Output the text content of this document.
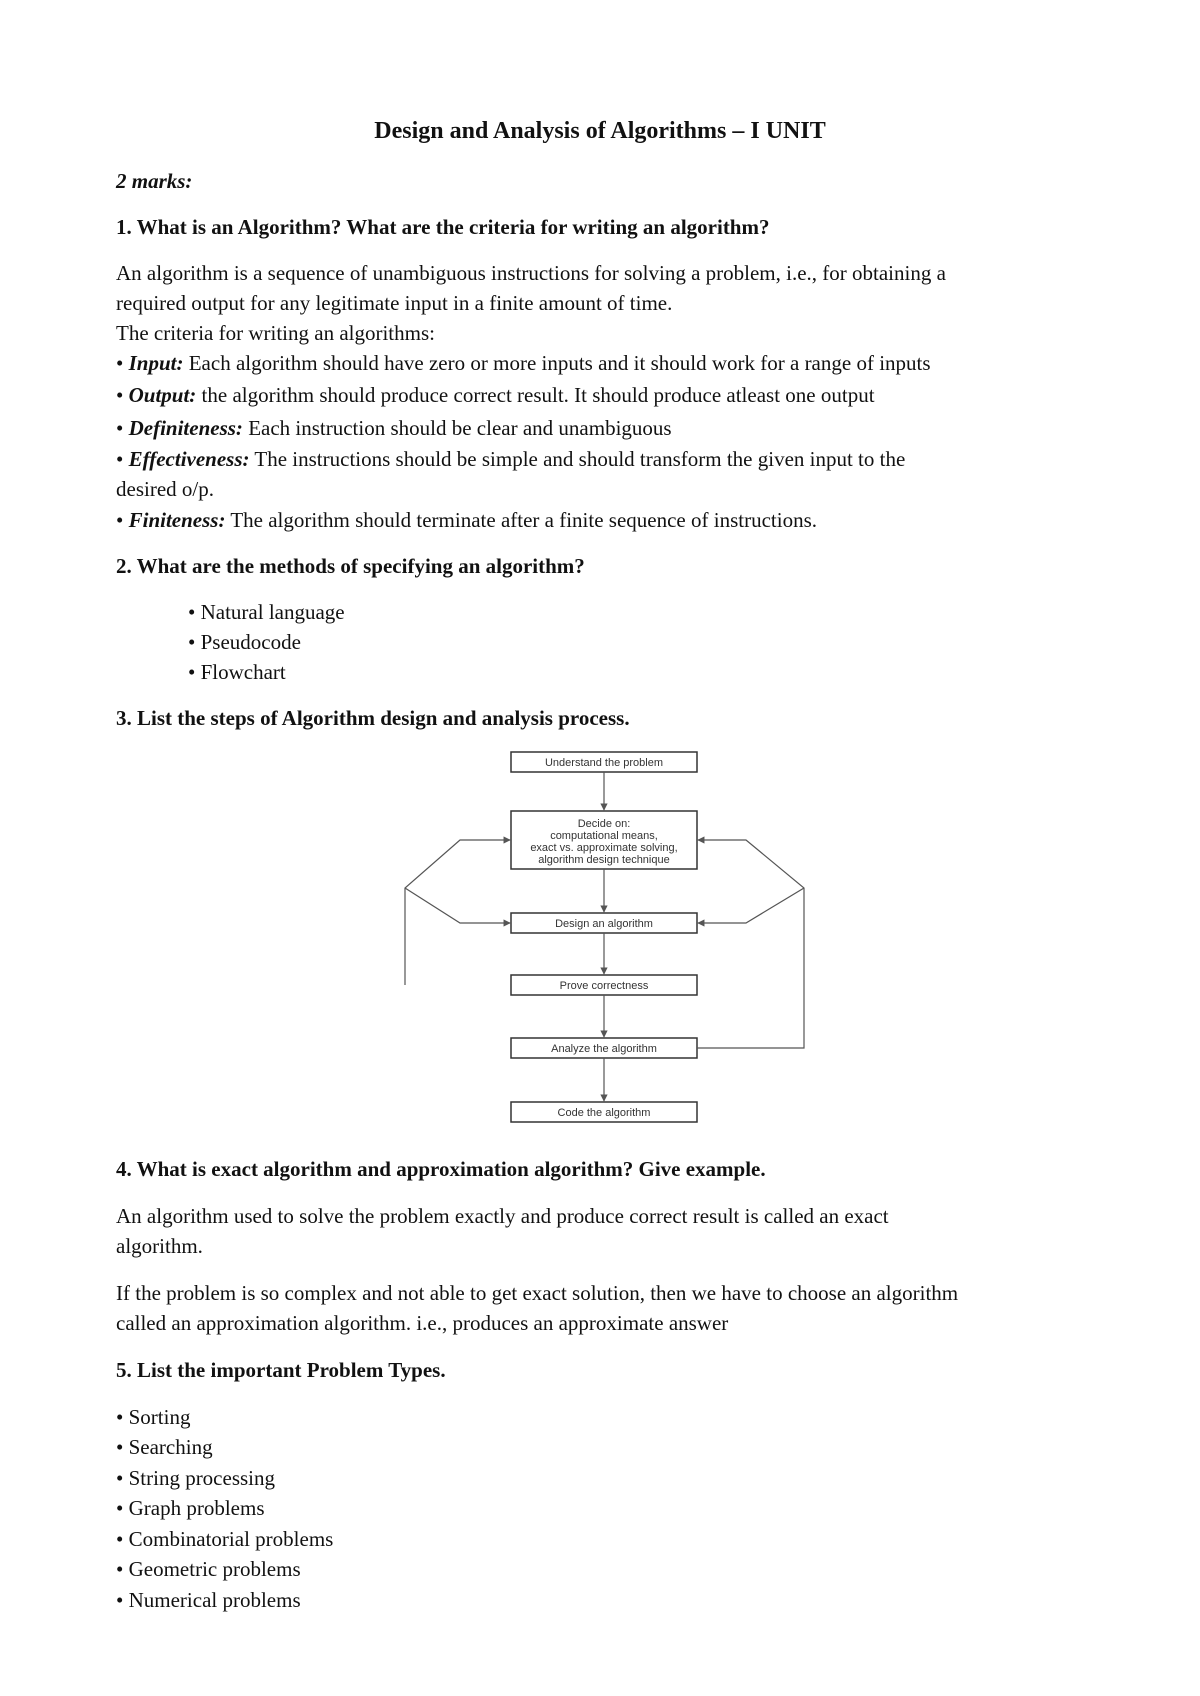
Design and Analysis of Algorithms – I UNIT
2 marks:
1. What is an Algorithm? What are the criteria for writing an algorithm?
An algorithm is a sequence of unambiguous instructions for solving a problem, i.e., for obtaining a
required output for any legitimate input in a finite amount of time.
The criteria for writing an algorithms:
• Input: Each algorithm should have zero or more inputs and it should work for a range of inputs
• Output: the algorithm should produce correct result. It should produce atleast one output
• Definiteness: Each instruction should be clear and unambiguous
• Effectiveness: The instructions should be simple and should transform the given input to the
desired o/p.
• Finiteness: The algorithm should terminate after a finite sequence of instructions.
2. What are the methods of specifying an algorithm?
• Natural language
• Pseudocode
• Flowchart
3. List the steps of Algorithm design and analysis process.
Understand the problem
Decide on:
computational means,
exact vs. approximate solving,
algorithm design technique
Design an algorithm
Prove correctness
Analyze the algorithm
Code the algorithm
4. What is exact algorithm and approximation algorithm? Give example.
An algorithm used to solve the problem exactly and produce correct result is called an exact
algorithm.
If the problem is so complex and not able to get exact solution, then we have to choose an algorithm
called an approximation algorithm. i.e., produces an approximate answer
5. List the important Problem Types.
• Sorting
• Searching
• String processing
• Graph problems
• Combinatorial problems
• Geometric problems
• Numerical problems
